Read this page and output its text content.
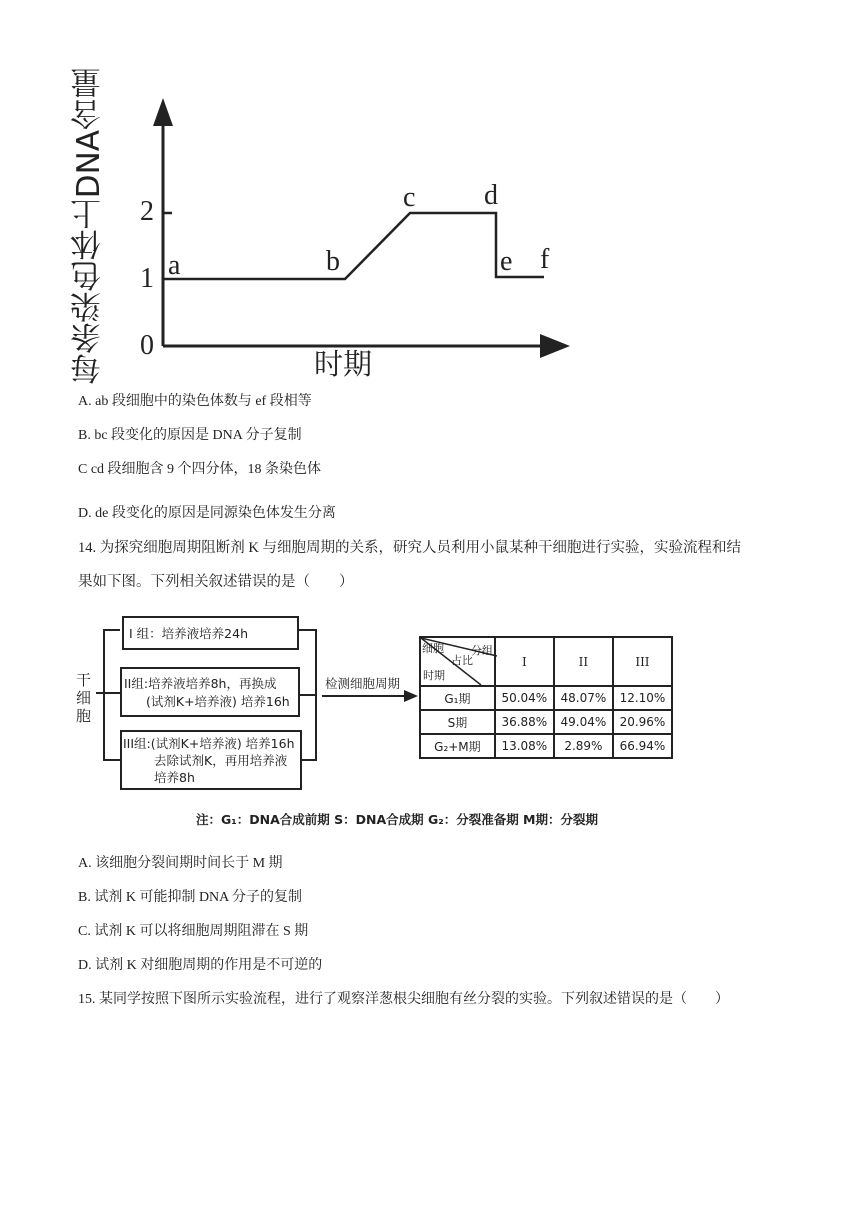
每条染色体上DNA含量	0
1
2
a	b
c d
e f
时期
A. ab 段细胞中的染色体数与 ef 段相等
B. bc 段变化的原因是 DNA 分子复制
C cd 段细胞含 9 个四分体，18 条染色体
D. de 段变化的原因是同源染色体发生分离
14. 为探究细胞周期阻断剂 K 与细胞周期的关系，研究人员利用小鼠某种干细胞进行实验，实验流程和结
果如下图。下列相关叙述错误的是（　　）
干
细
胞
I 组：培养液培养24h
II组:培养液培养8h，再换成
(试剂K+培养液) 培养16h
III组:(试剂K+培养液) 培养16h
去除试剂K，再用培养液
培养8h
检测细胞周期
细胞
占比
分组
时期	I	II	III
G₁期	50.04%	48.07%	12.10%
S期	36.88%	49.04%	20.96%
G₂+M期	13.08%	2.89%	66.94%
注：G₁：DNA合成前期 S：DNA合成期 G₂：分裂准备期 M期：分裂期
A. 该细胞分裂间期时间长于 M 期
B. 试剂 K 可能抑制 DNA 分子的复制
C. 试剂 K 可以将细胞周期阻滞在 S 期
D. 试剂 K 对细胞周期的作用是不可逆的
15. 某同学按照下图所示实验流程，进行了观察洋葱根尖细胞有丝分裂的实验。下列叙述错误的是（　　）
